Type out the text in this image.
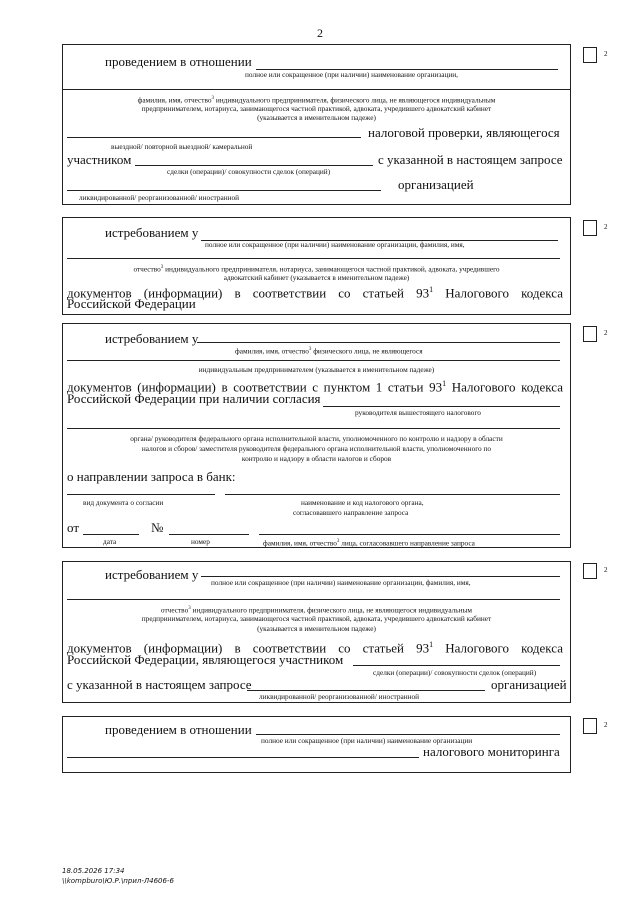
2
проведением в отношении
полное или сокращенное (при наличии) наименование организации,
фамилия, имя, отчество$^3$ индивидуального предпринимателя, физического лица, не являющегося индивидуальным
предпринимателем, нотариуса, занимающегося частной практикой, адвоката, учредившего адвокатский кабинет
(указывается в именительном падеже)
налоговой проверки, являющегося
выездной/ повторной выездной/ камеральной
участником	с указанной в настоящем запросе
сделки (операции)/ совокупности сделок (операций)
организацией
ликвидированной/ реорганизованной/ иностранной
2
истребованием у
полное или сокращенное (при наличии) наименование организации, фамилия, имя,
отчество$^3$ индивидуального предпринимателя, нотариуса, занимающегося частной практикой, адвоката, учредившего
адвокатский кабинет (указывается в именительном падеже)
документов (информации) в соответствии со статьей $93^1$ Налогового кодекса
Российской Федерации
2
истребованием у
фамилия, имя, отчество$^3$ физического лица, не являющегося
индивидуальным предпринимателем (указывается в именительном падеже)
документов (информации) в соответствии с пунктом 1 статьи $93^1$ Налогового кодекса
Российской Федерации при наличии согласия
руководителя вышестоящего налогового
органа/ руководителя федерального органа исполнительной власти, уполномоченного по контролю и надзору в области
налогов и сборов/ заместителя руководителя федерального органа исполнительной власти, уполномоченного по
контролю и надзору в области налогов и сборов
о направлении запроса в банк:
вид документа о согласии	наименование и код налогового органа,
согласовавшего направление запроса
от	№
дата	номер	фамилия, имя, отчество$^3$ лица, согласовавшего направление запроса
2
истребованием у
полное или сокращенное (при наличии) наименование организации, фамилия, имя,
отчество$^3$ индивидуального предпринимателя, физического лица, не являющегося индивидуальным
предпринимателем, нотариуса, занимающегося частной практикой, адвоката, учредившего адвокатский кабинет
(указывается в именительном падеже)
документов (информации) в соответствии со статьей $93^1$ Налогового кодекса
Российской Федерации, являющегося участником
сделки (операции)/ совокупности сделок (операций)
с указанной в настоящем запросе	организацией
ликвидированной/ реорганизованной/ иностранной
2
проведением в отношении
полное или сокращенное (при наличии) наименование организации
налогового мониторинга
2
18.05.2026 17:34
\\kompburo\Ю.Р.\прил-Л4606-6
